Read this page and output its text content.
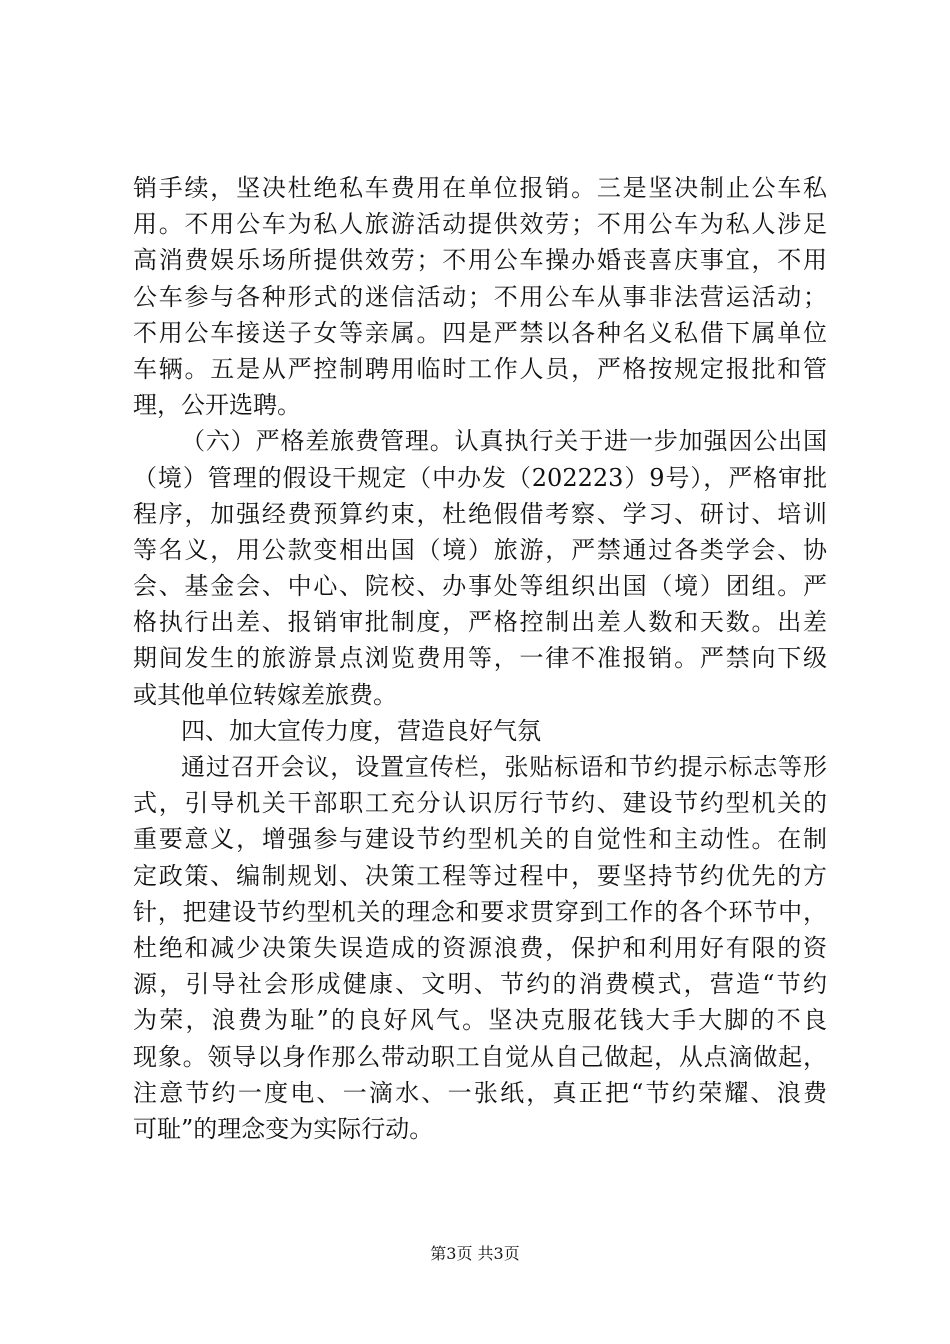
销手续，坚决杜绝私车费用在单位报销。三是坚决制止公车私
用。不用公车为私人旅游活动提供效劳；不用公车为私人涉足
高消费娱乐场所提供效劳；不用公车操办婚丧喜庆事宜，不用
公车参与各种形式的迷信活动；不用公车从事非法营运活动；
不用公车接送子女等亲属。四是严禁以各种名义私借下属单位
车辆。五是从严控制聘用临时工作人员，严格按规定报批和管
理，公开选聘。
（六）严格差旅费管理。认真执行关于进一步加强因公出国
（境）管理的假设干规定（中办发（202223）9号），严格审批
程序，加强经费预算约束，杜绝假借考察、学习、研讨、培训
等名义，用公款变相出国（境）旅游，严禁通过各类学会、协
会、基金会、中心、院校、办事处等组织出国（境）团组。严
格执行出差、报销审批制度，严格控制出差人数和天数。出差
期间发生的旅游景点浏览费用等，一律不准报销。严禁向下级
或其他单位转嫁差旅费。
四、加大宣传力度，营造良好气氛
通过召开会议，设置宣传栏，张贴标语和节约提示标志等形
式，引导机关干部职工充分认识厉行节约、建设节约型机关的
重要意义，增强参与建设节约型机关的自觉性和主动性。在制
定政策、编制规划、决策工程等过程中，要坚持节约优先的方
针，把建设节约型机关的理念和要求贯穿到工作的各个环节中，
杜绝和减少决策失误造成的资源浪费，保护和利用好有限的资
源，引导社会形成健康、文明、节约的消费模式，营造“节约
为荣，浪费为耻”的良好风气。坚决克服花钱大手大脚的不良
现象。领导以身作那么带动职工自觉从自己做起，从点滴做起，
注意节约一度电、一滴水、一张纸，真正把“节约荣耀、浪费
可耻”的理念变为实际行动。
第3页 共3页
